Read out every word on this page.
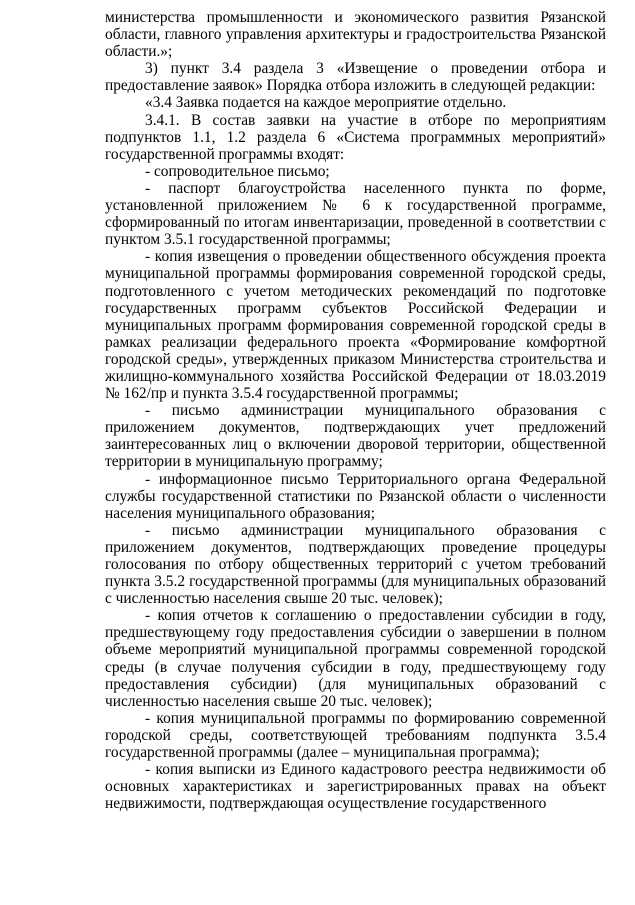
министерства промышленности и экономического развития Рязанской области, главного управления архитектуры и градостроительства Рязанской области.»;

3) пункт 3.4 раздела 3 «Извещение о проведении отбора и предоставление заявок» Порядка отбора изложить в следующей редакции:

«3.4 Заявка подается на каждое мероприятие отдельно.

3.4.1. В состав заявки на участие в отборе по мероприятиям подпунктов 1.1, 1.2 раздела 6 «Система программных мероприятий» государственной программы входят:

- сопроводительное письмо;

- паспорт благоустройства населенного пункта по форме, установленной приложением № 6 к государственной программе, сформированный по итогам инвентаризации, проведенной в соответствии с пунктом 3.5.1 государственной программы;

- копия извещения о проведении общественного обсуждения проекта муниципальной программы формирования современной городской среды, подготовленного с учетом методических рекомендаций по подготовке государственных программ субъектов Российской Федерации и муниципальных программ формирования современной городской среды в рамках реализации федерального проекта «Формирование комфортной городской среды», утвержденных приказом Министерства строительства и жилищно-коммунального хозяйства Российской Федерации от 18.03.2019 № 162/пр и пункта 3.5.4 государственной программы;

- письмо администрации муниципального образования с приложением документов, подтверждающих учет предложений заинтересованных лиц о включении дворовой территории, общественной территории в муниципальную программу;

- информационное письмо Территориального органа Федеральной службы государственной статистики по Рязанской области о численности населения муниципального образования;

- письмо администрации муниципального образования с приложением документов, подтверждающих проведение процедуры голосования по отбору общественных территорий с учетом требований пункта 3.5.2 государственной программы (для муниципальных образований с численностью населения свыше 20 тыс. человек);

- копия отчетов к соглашению о предоставлении субсидии в году, предшествующему году предоставления субсидии о завершении в полном объеме мероприятий муниципальной программы современной городской среды (в случае получения субсидии в году, предшествующему году предоставления субсидии) (для муниципальных образований с численностью населения свыше 20 тыс. человек);

- копия муниципальной программы по формированию современной городской среды, соответствующей требованиям подпункта 3.5.4 государственной программы (далее – муниципальная программа);

- копия выписки из Единого кадастрового реестра недвижимости об основных характеристиках и зарегистрированных правах на объект недвижимости, подтверждающая осуществление государственного
